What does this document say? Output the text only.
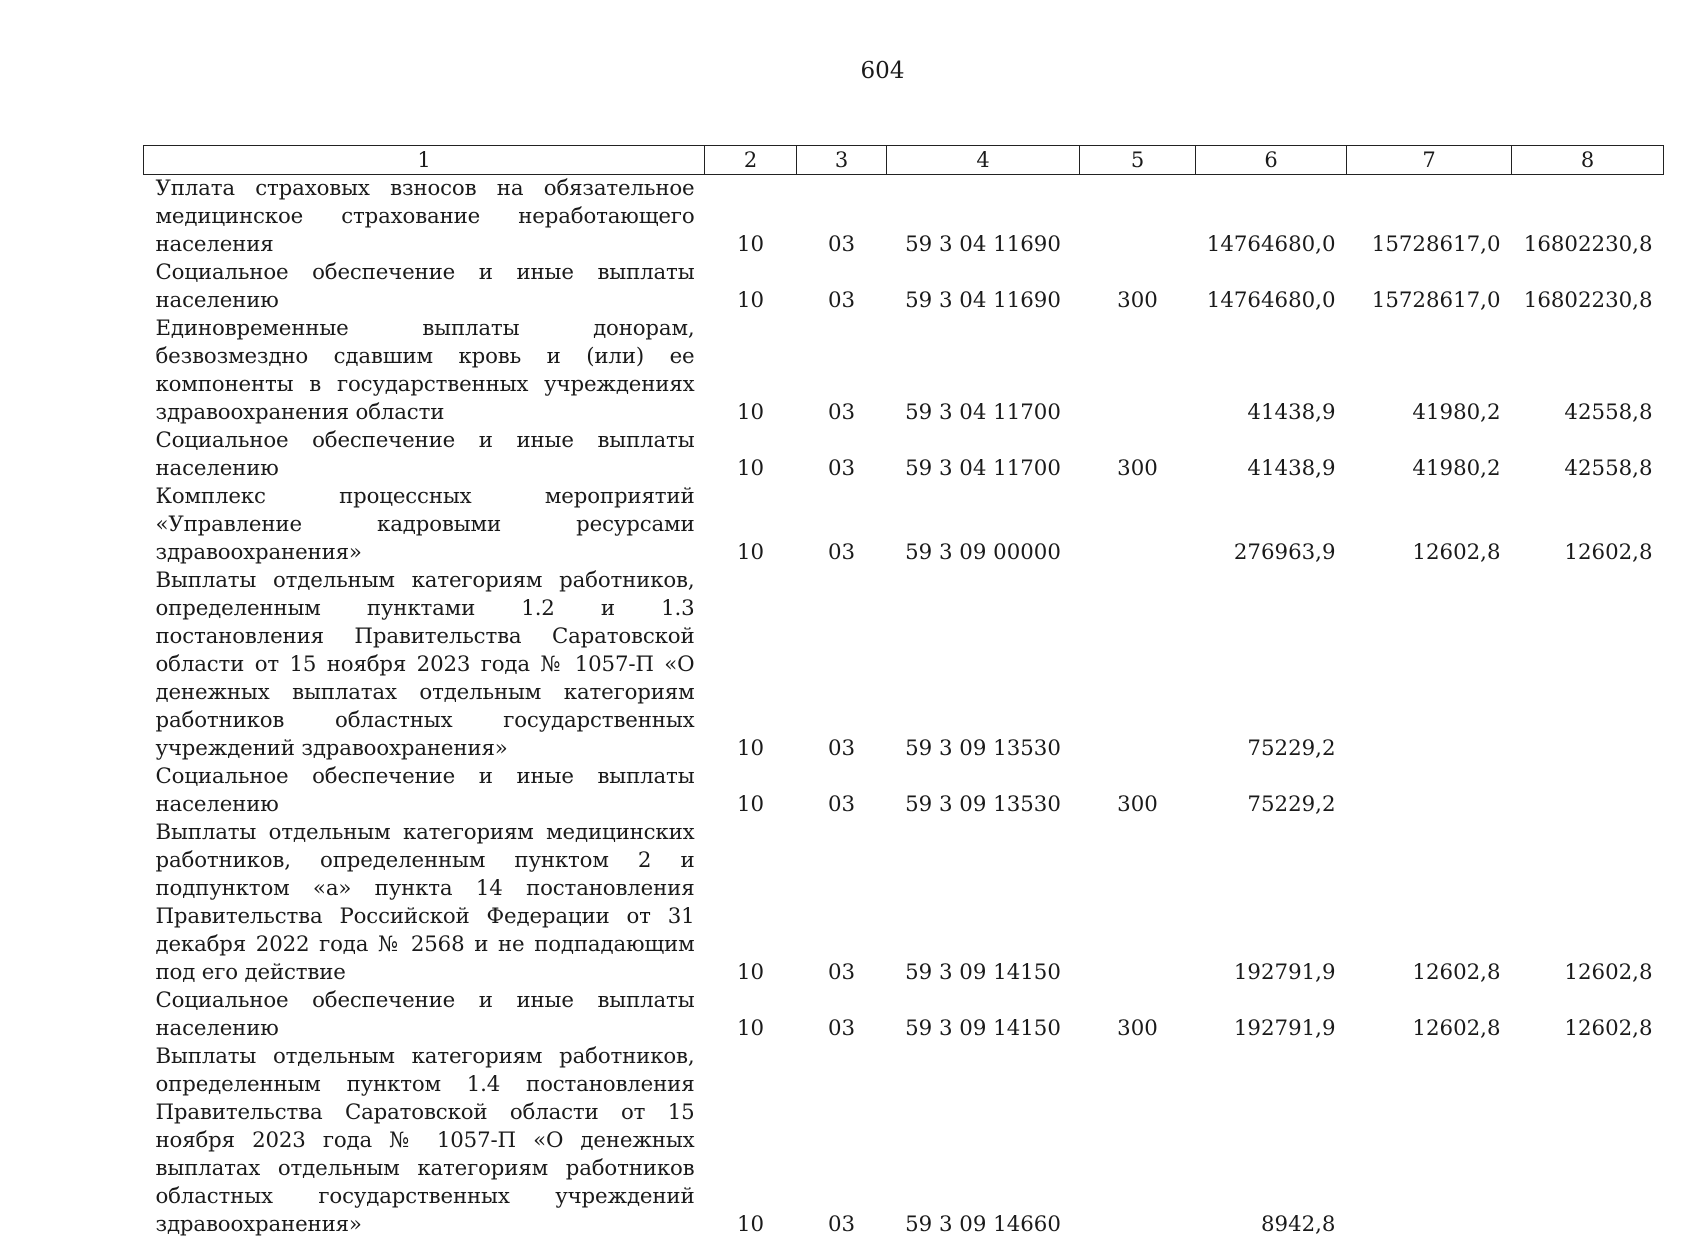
604
1	2	3	4	5	6	7	8
Уплата страховых взносов на обязательное медицинское страхование неработающего населения	10	03	59 3 04 11690		14764680,0	15728617,0	16802230,8
Социальное обеспечение и иные выплаты населению	10	03	59 3 04 11690	300	14764680,0	15728617,0	16802230,8
Единовременные выплаты донорам, безвозмездно сдавшим кровь и (или) ее компоненты в государственных учреждениях здравоохранения области	10	03	59 3 04 11700		41438,9	41980,2	42558,8
Социальное обеспечение и иные выплаты населению	10	03	59 3 04 11700	300	41438,9	41980,2	42558,8
Комплекс процессных мероприятий «Управление кадровыми ресурсами здравоохранения»	10	03	59 3 09 00000		276963,9	12602,8	12602,8
Выплаты отдельным категориям работников, определенным пунктами 1.2 и 1.3 постановления Правительства Саратовской области от 15 ноября 2023 года № 1057-П «О денежных выплатах отдельным категориям работников областных государственных учреждений здравоохранения»	10	03	59 3 09 13530		75229,2		
Социальное обеспечение и иные выплаты населению	10	03	59 3 09 13530	300	75229,2		
Выплаты отдельным категориям медицинских работников, определенным пунктом 2 и подпунктом «а» пункта 14 постановления Правительства Российской Федерации от 31 декабря 2022 года № 2568 и не подпадающим под его действие	10	03	59 3 09 14150		192791,9	12602,8	12602,8
Социальное обеспечение и иные выплаты населению	10	03	59 3 09 14150	300	192791,9	12602,8	12602,8
Выплаты отдельным категориям работников, определенным пунктом 1.4 постановления Правительства Саратовской области от 15 ноября 2023 года № 1057-П «О денежных выплатах отдельным категориям работников областных государственных учреждений здравоохранения»	10	03	59 3 09 14660		8942,8		
